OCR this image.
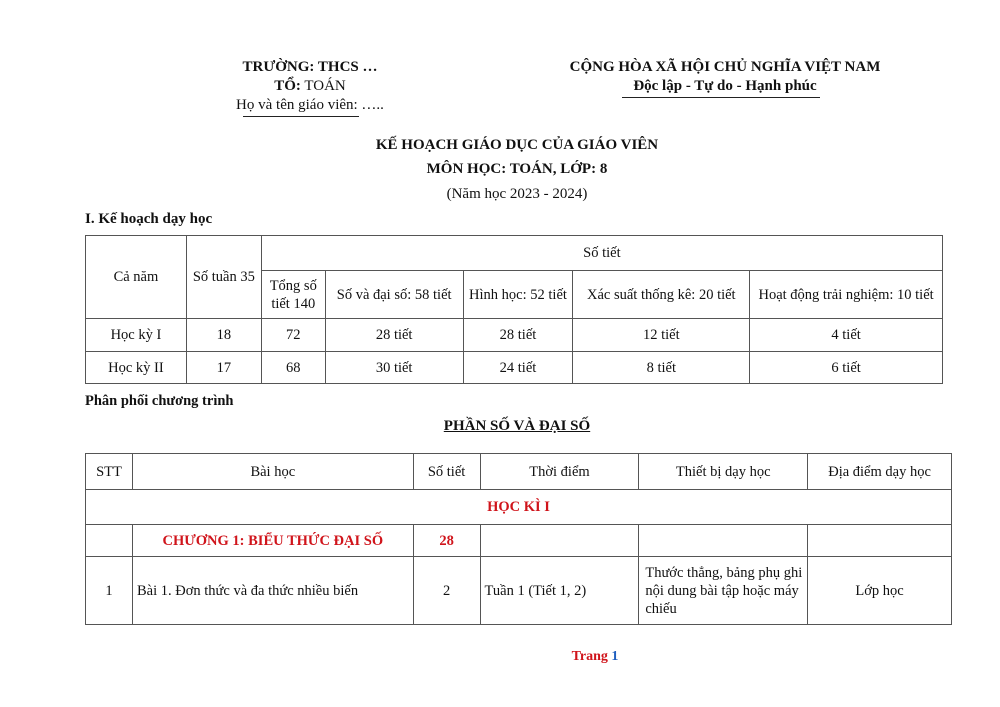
TRƯỜNG: THCS …
TỔ: TOÁN
Họ và tên giáo viên: …..
CỘNG HÒA XÃ HỘI CHỦ NGHĨA VIỆT NAM
Độc lập - Tự do - Hạnh phúc
KẾ HOẠCH GIÁO DỤC CỦA GIÁO VIÊN
MÔN HỌC: TOÁN, LỚP: 8
(Năm học 2023 - 2024)
I. Kế hoạch dạy học
Cả năm	Số tuần 35	Số tiết				
		Tổng số tiết 140	Số và đại số: 58 tiết	Hình học: 52 tiết	Xác suất thống kê: 20 tiết	Hoạt động trải nghiệm: 10 tiết
Học kỳ I	18	72	28 tiết	28 tiết	12 tiết	4 tiết
Học kỳ II	17	68	30 tiết	24 tiết	8 tiết	6 tiết
Phân phối chương trình
PHẦN SỐ VÀ ĐẠI SỐ
STT	Bài học	Số tiết	Thời điểm	Thiết bị dạy học	Địa điểm dạy học
HỌC KÌ I					
	CHƯƠNG 1: BIỂU THỨC ĐẠI SỐ	28			
1	Bài 1. Đơn thức và đa thức nhiều biến	2	Tuần 1 (Tiết 1, 2)	Thước thẳng, bảng phụ ghi nội dung bài tập hoặc máy chiếu	Lớp học
Trang 1
